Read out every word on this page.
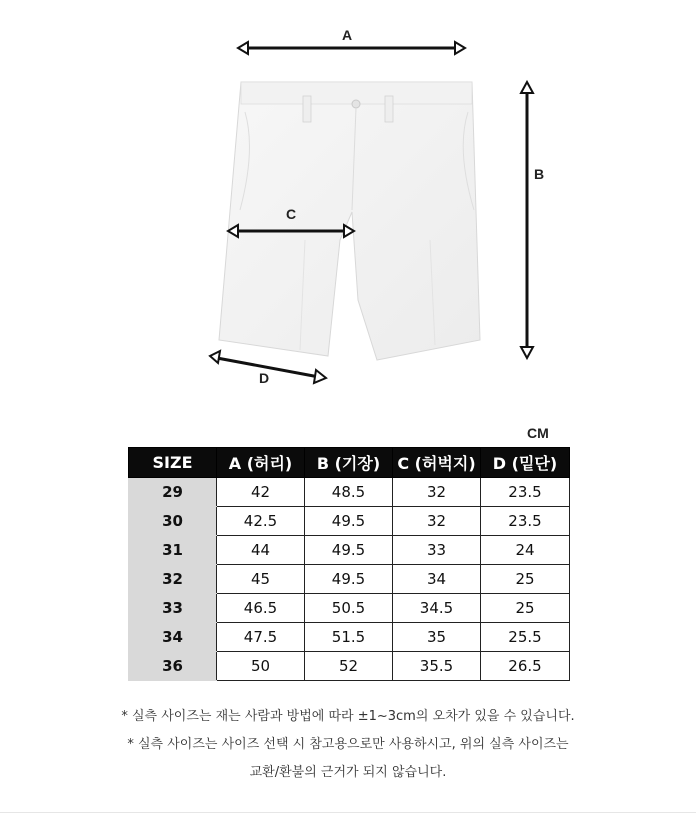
A
B
C
D
CM
SIZE	A (허리)	B (기장)	C (허벅지)	D (밑단)
29	42	48.5	32	23.5
30	42.5	49.5	32	23.5
31	44	49.5	33	24
32	45	49.5	34	25
33	46.5	50.5	34.5	25
34	47.5	51.5	35	25.5
36	50	52	35.5	26.5
* 실측 사이즈는 재는 사람과 방법에 따라 ±1~3cm의 오차가 있을 수 있습니다.
* 실측 사이즈는 사이즈 선택 시 참고용으로만 사용하시고, 위의 실측 사이즈는
교환/환불의 근거가 되지 않습니다.
